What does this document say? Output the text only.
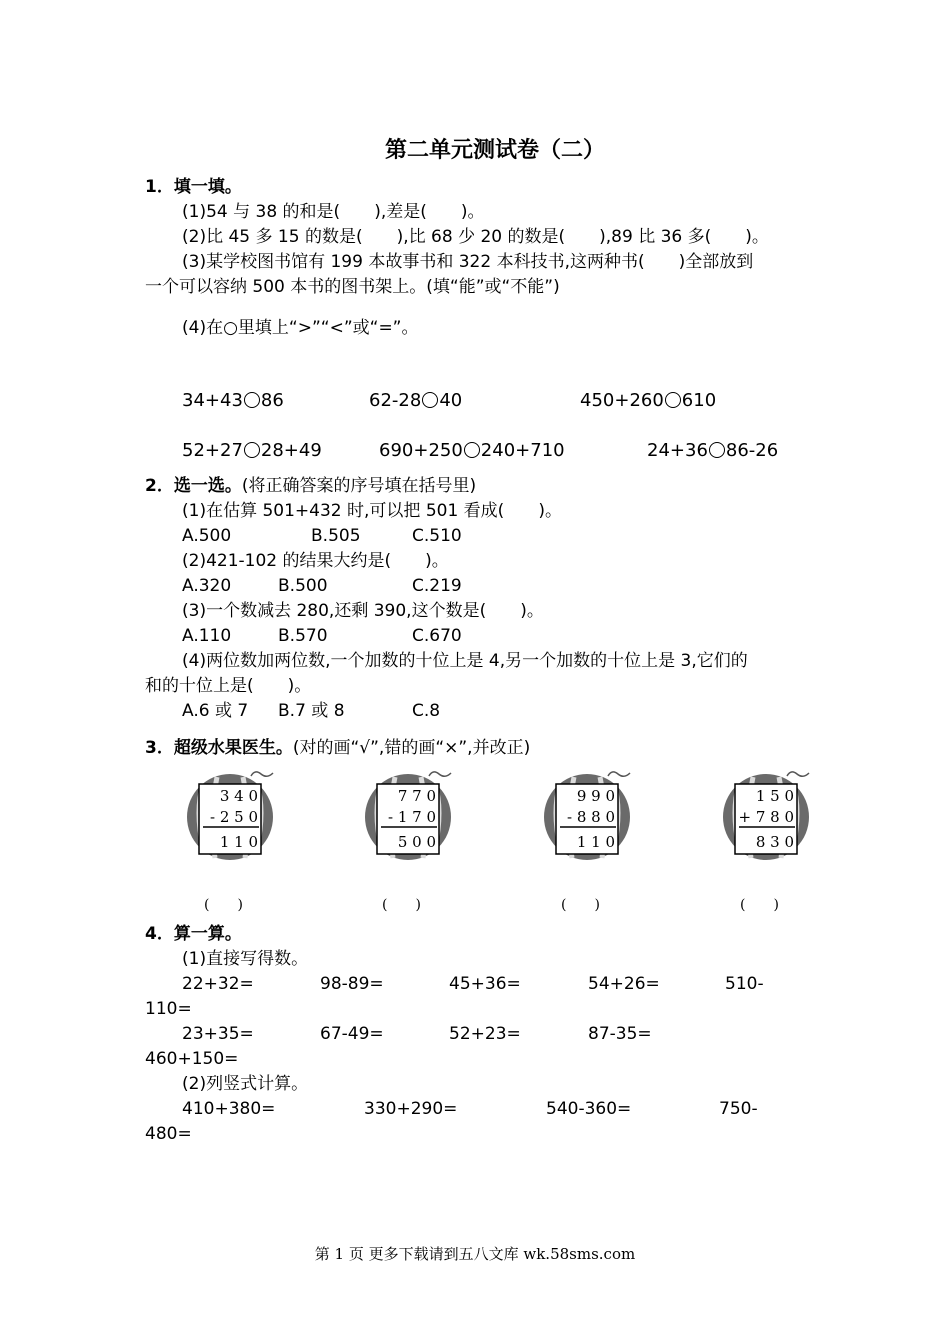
第二单元测试卷（二）
1．填一填。
(1)54 与 38 的和是(　　),差是(　　)。
(2)比 45 多 15 的数是(　　),比 68 少 20 的数是(　　),89 比 36 多(　　)。
(3)某学校图书馆有 199 本故事书和 322 本科技书,这两种书(　　)全部放到
一个可以容纳 500 本书的图书架上。(填“能”或“不能”)
(4)在○里填上“>”“<”或“=”。
34+43 86	62-28 40	450+260 610
52+27 28+49	690+250 240+710	24+36 86-26
2．选一选。(将正确答案的序号填在括号里)
(1)在估算 501+432 时,可以把 501 看成(　　)。
A.500	B.505	C.510
(2)421-102 的结果大约是(　　)。
A.320	B.500	C.219
(3)一个数减去 280,还剩 390,这个数是(　　)。
A.110	B.570	C.670
(4)两位数加两位数,一个加数的十位上是 4,另一个加数的十位上是 3,它们的
和的十位上是(　　)。
A.6 或 7 B.7 或 8	C.8
3．超级水果医生。(对的画“√”,错的画“×”,并改正)
3 4 0
- 2 5 0
1 1 0
7 7 0
- 1 7 0
5 0 0
9 9 0
- 8 8 0
1 1 0
1 5 0
+ 7 8 0
8 3 0
(　　)	(　　)	(　　)	(　　)
4．算一算。
(1)直接写得数。
22+32=	98-89=	45+36=	54+26=	510-
110=
23+35=	67-49=	52+23=	87-35=
460+150=
(2)列竖式计算。
410+380=	330+290=	540-360=	750-
480=
第 1 页 更多下载请到五八文库 wk.58sms.com
